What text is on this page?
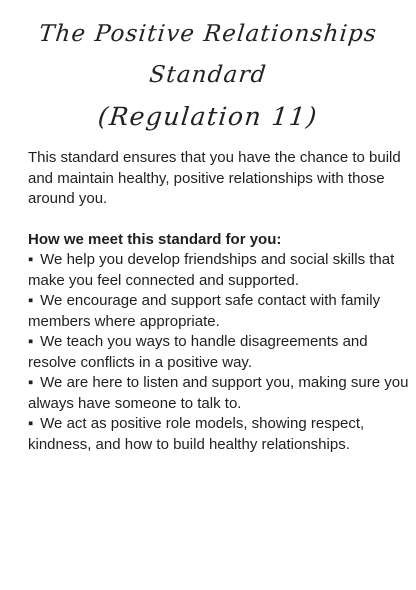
The Positive Relationships
Standard
(Regulation 11)

This standard ensures that you have the chance to build and maintain healthy, positive relationships with those around you.

How we meet this standard for you:

▪ We help you develop friendships and social skills that make you feel connected and supported.
▪ We encourage and support safe contact with family members where appropriate.
▪ We teach you ways to handle disagreements and resolve conflicts in a positive way.
▪ We are here to listen and support you, making sure you always have someone to talk to.
▪ We act as positive role models, showing respect, kindness, and how to build healthy relationships.
